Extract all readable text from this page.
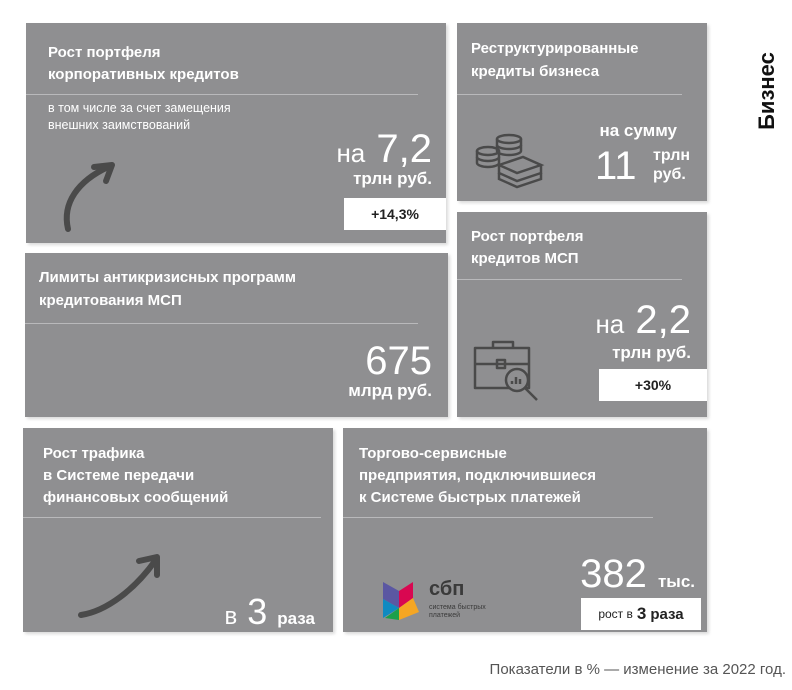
Бизнес
Рост портфеля
корпоративных кредитов
в том числе за счет замещения
внешних заимствований
на 7,2
трлн руб.
+14,3%
Реструктурированные
кредиты бизнеса
на сумму
11 трлн
руб.
Лимиты антикризисных программ
кредитования МСП
675
млрд руб.
Рост портфеля
кредитов МСП
на 2,2
трлн руб.
+30%
Рост трафика
в Системе передачи
финансовых сообщений
в 3 раза
Торгово-сервисные
предприятия, подключившиеся
к Системе быстрых платежей
сбп
система быстрых
платежей
382 тыс.
рост в 3 раза
Показатели в % — изменение за 2022 год.
